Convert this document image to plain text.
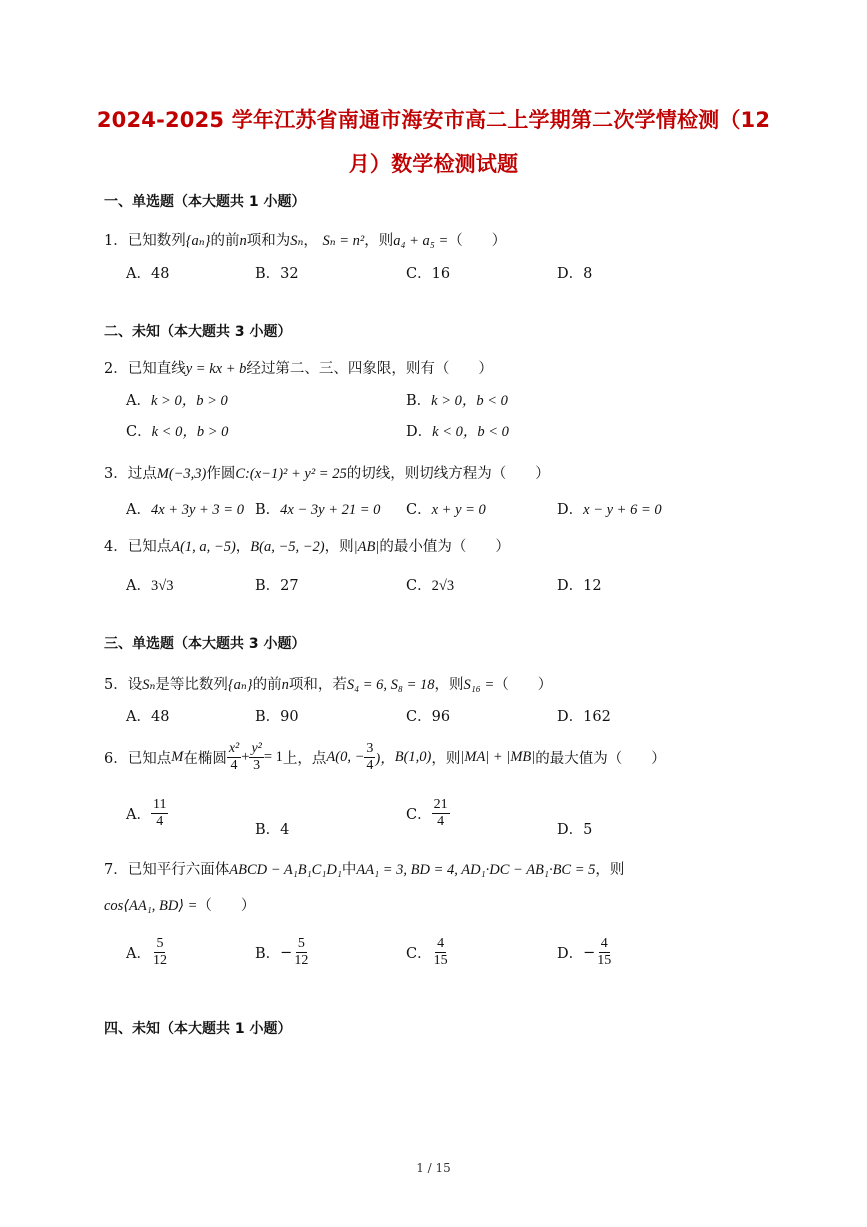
2024-2025 学年江苏省南通市海安市高二上学期第二次学情检测（12
月）数学检测试题
一、单选题（本大题共 1 小题）
1．已知数列{aₙ}的前n项和为Sₙ， Sₙ = n²，则a₄ + a₅ =（　　）
A．48	B．32	C．16	D．8
二、未知（本大题共 3 小题）
2．已知直线y = kx + b经过第二、三、四象限，则有（　　）
A．k > 0，b > 0	B．k > 0，b < 0
C．k < 0，b > 0	D．k < 0，b < 0
3．过点M(−3,3)作圆C:(x−1)² + y² = 25的切线，则切线方程为（　　）
A．4x + 3y + 3 = 0 B．4x − 3y + 21 = 0 C．x + y = 0	D．x − y + 6 = 0
4．已知点A(1, a, −5)，B(a, −5, −2)，则|AB|的最小值为（　　）
A．3√3	B．27	C．2√3	D．12
三、单选题（本大题共 3 小题）
5．设Sₙ是等比数列{aₙ}的前n项和，若S₄ = 6, S₈ = 18，则S₁₆ =（　　）
A．48	B．90	C．96	D．162
6．已知点 M 在椭圆 $\frac{\text{x²}}{4} + \frac{\text{y²}}{3} = 1$ 上，点 A(0, − $\frac{3}{4}$ )， B(1,0) ，则 |MA| + |MB| 的最大值为（　　）
A． $\frac{11}{4}$	B．4
C． $\frac{21}{4}$	D．5
7．已知平行六面体ABCD − A₁B₁C₁D₁中AA₁ = 3, BD = 4, AD₁·DC − AB₁·BC = 5，则
cos⟨AA₁, BD⟩ =（　　）
A． $\frac{5}{12}$	B． − $\frac{5}{12}$	C． $\frac{4}{15}$	D． − $\frac{4}{15}$
四、未知（本大题共 1 小题）
1 / 15
